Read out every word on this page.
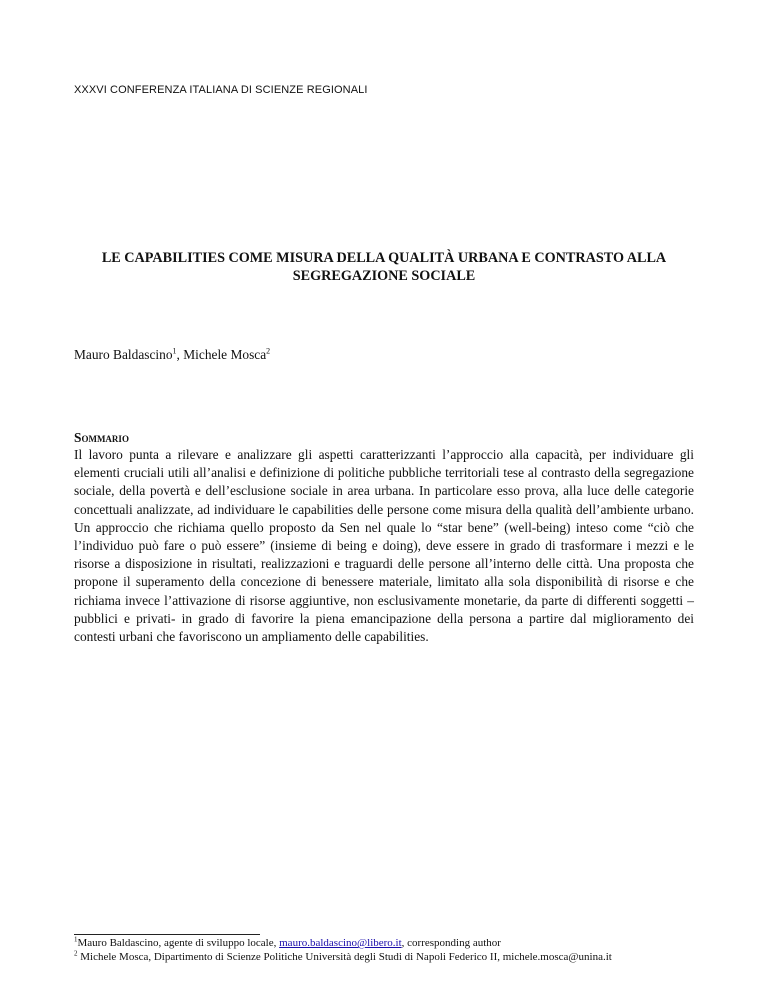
XXXVI CONFERENZA ITALIANA DI SCIENZE REGIONALI
LE CAPABILITIES COME MISURA DELLA QUALITÀ URBANA E CONTRASTO ALLA SEGREGAZIONE SOCIALE
Mauro Baldascino$^1$, Michele Mosca$^2$
Sommario
Il lavoro punta a rilevare e analizzare gli aspetti caratterizzanti l’approccio alla capacità, per individuare gli elementi cruciali utili all’analisi e definizione di politiche pubbliche territoriali tese al contrasto della segregazione sociale, della povertà e dell’esclusione sociale in area urbana. In particolare esso prova, alla luce delle categorie concettuali analizzate, ad individuare le capabilities delle persone come misura della qualità dell’ambiente urbano. Un approccio che richiama quello proposto da Sen nel quale lo “star bene” (well-being) inteso come “ciò che l’individuo può fare o può essere” (insieme di being e doing), deve essere in grado di trasformare i mezzi e le risorse a disposizione in risultati, realizzazioni e traguardi delle persone all’interno delle città. Una proposta che propone il superamento della concezione di benessere materiale, limitato alla sola disponibilità di risorse e che richiama invece l’attivazione di risorse aggiuntive, non esclusivamente monetarie, da parte di differenti soggetti –pubblici e privati- in grado di favorire la piena emancipazione della persona a partire dal miglioramento dei contesti urbani che favoriscono un ampliamento delle capabilities.
$^1$Mauro Baldascino, agente di sviluppo locale, mauro.baldascino@libero.it, corresponding author
$^2$ Michele Mosca, Dipartimento di Scienze Politiche Università degli Studi di Napoli Federico II, michele.mosca@unina.it
